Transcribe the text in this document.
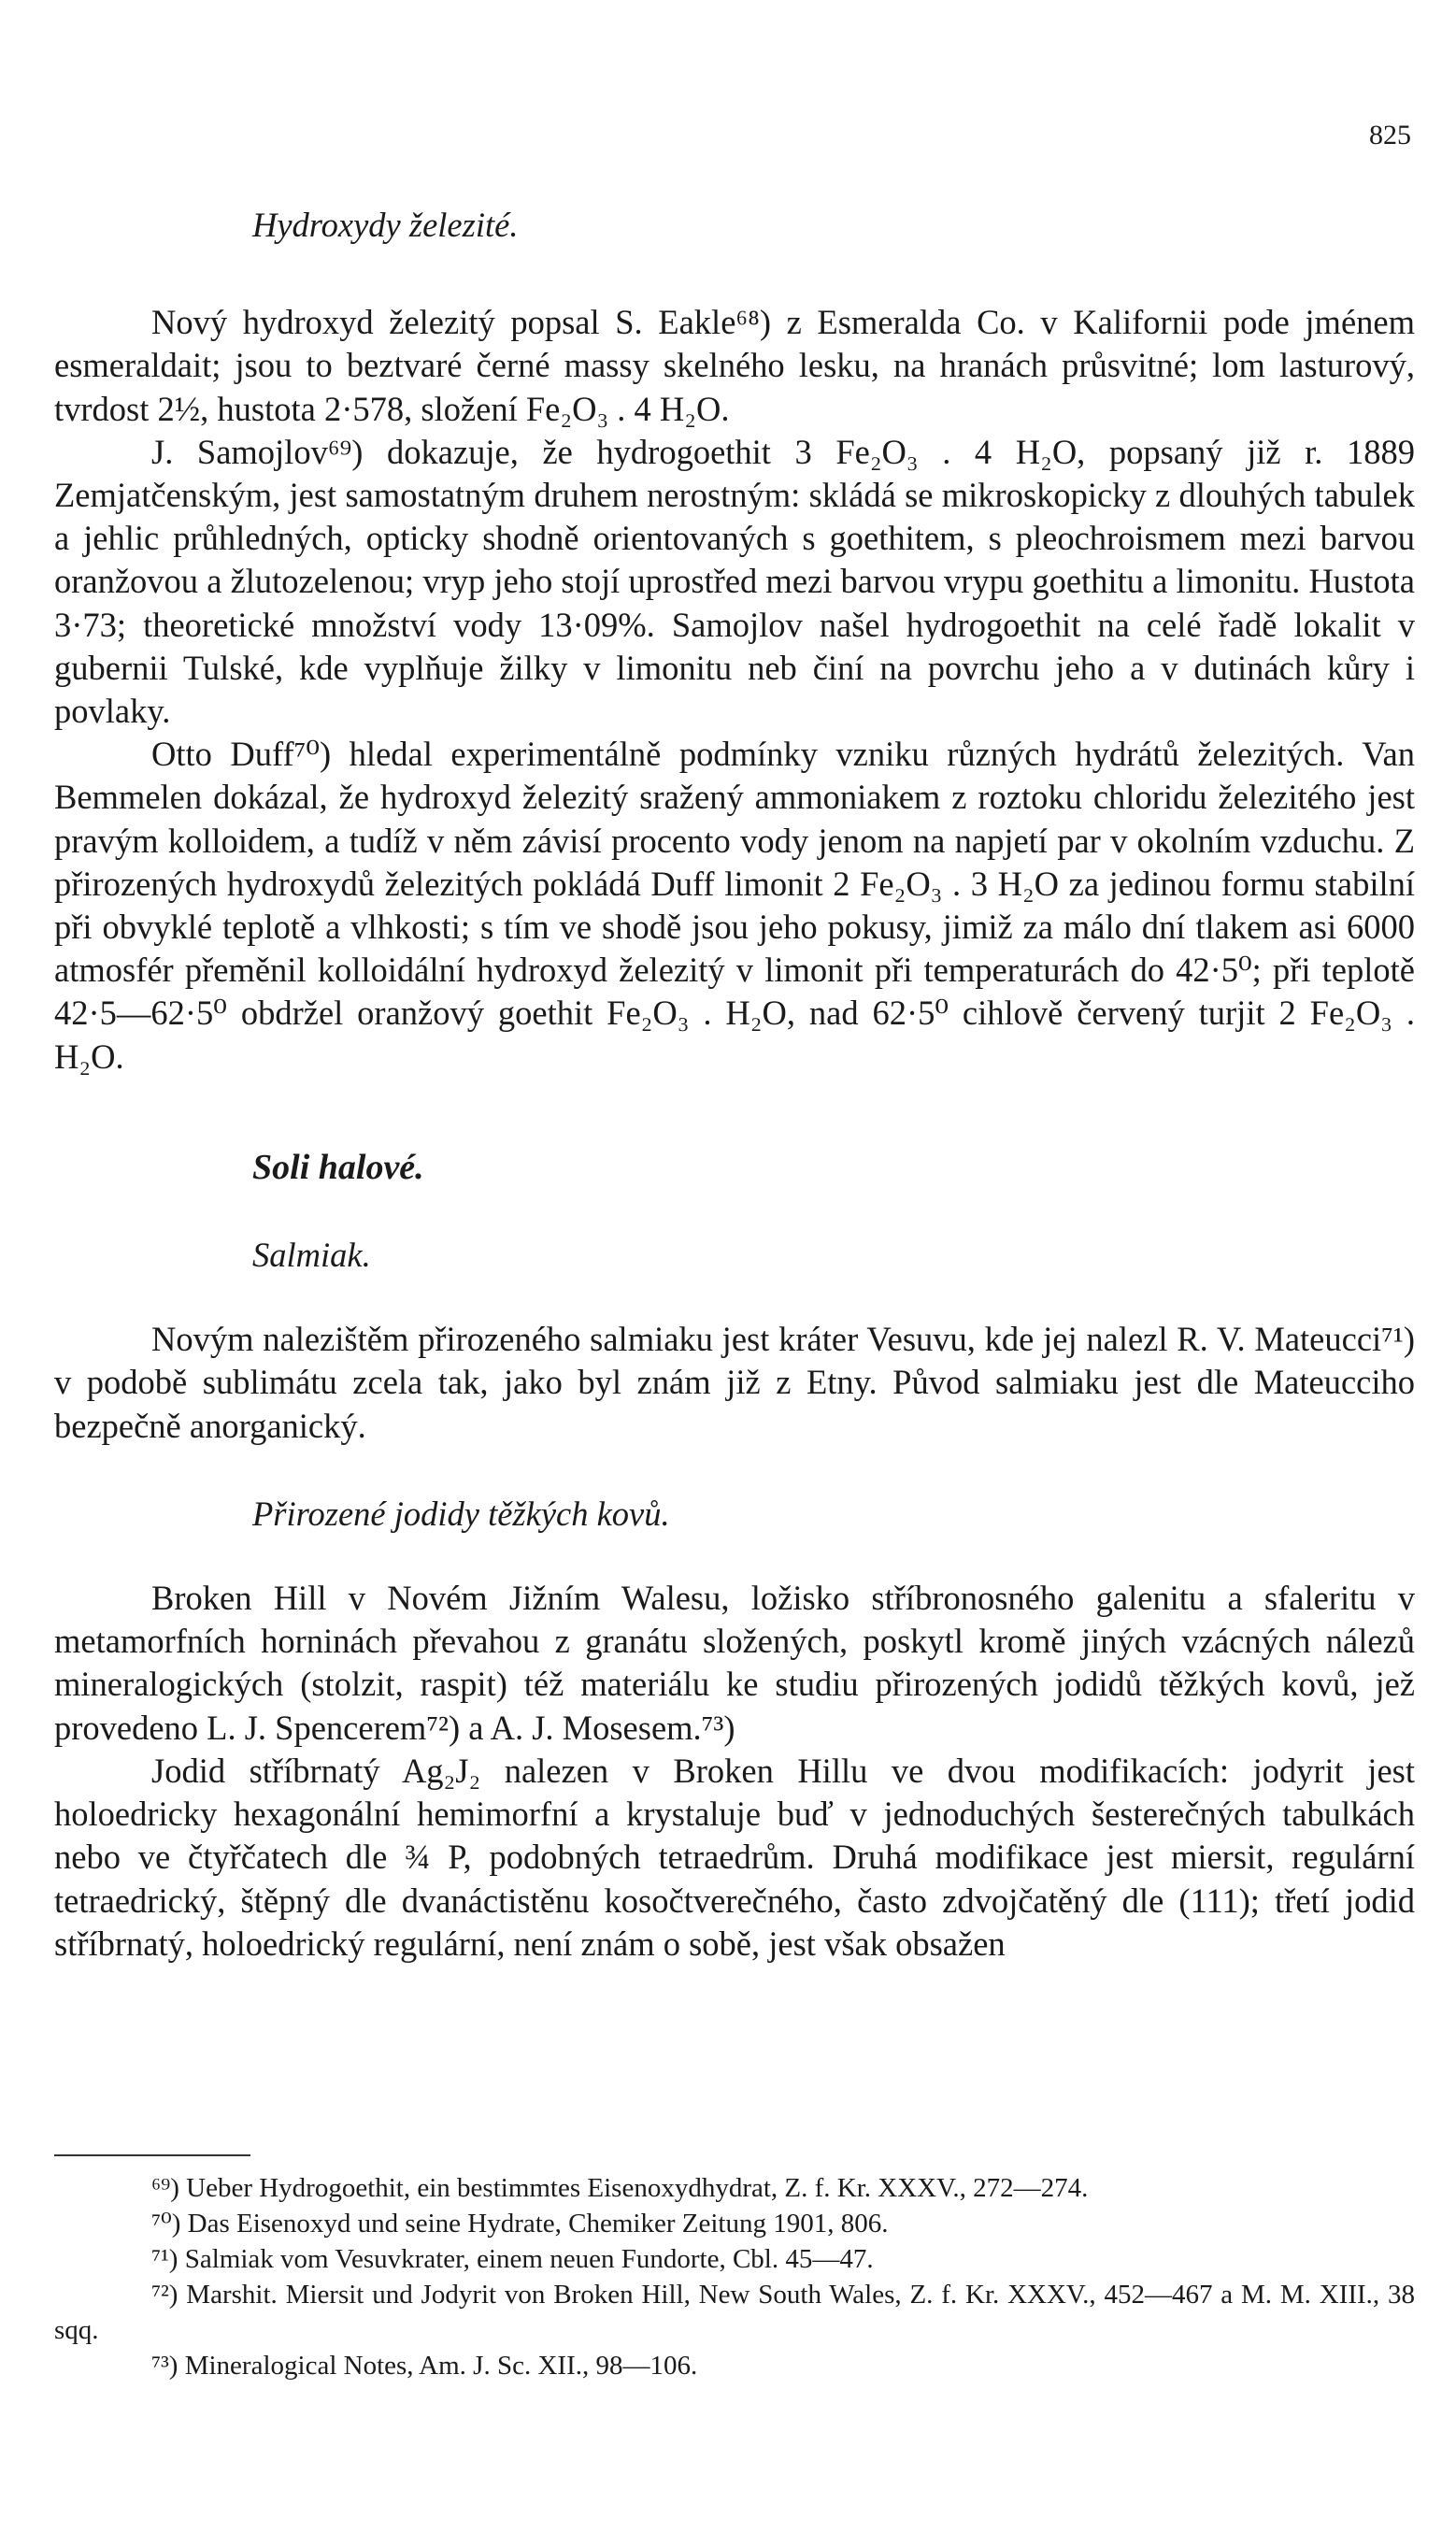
825

Hydroxydy železité.

Nový hydroxyd železitý popsal S. Eakle⁶⁸) z Esmeralda Co. v Kalifornii pode jménem esmeraldait; jsou to beztvaré černé massy skelného lesku, na hranách průsvitné; lom lasturový, tvrdost 2½, hustota 2·578, složení Fe₂O₃ . 4 H₂O.

J. Samojlov⁶⁹) dokazuje, že hydrogoethit 3 Fe₂O₃ . 4 H₂O, popsaný již r. 1889 Zemjatčenským, jest samostatným druhem nerostným: skládá se mikroskopicky z dlouhých tabulek a jehlic průhledných, opticky shodně orientovaných s goethitem, s pleochroismem mezi barvou oranžovou a žlutozelenou; vryp jeho stojí uprostřed mezi barvou vrypu goethitu a limonitu. Hustota 3·73; theoretické množství vody 13·09%. Samojlov našel hydrogoethit na celé řadě lokalit v gubernii Tulské, kde vyplňuje žilky v limonitu neb činí na povrchu jeho a v dutinách kůry i povlaky.

Otto Duff⁷⁰) hledal experimentálně podmínky vzniku různých hydrátů železitých. Van Bemmelen dokázal, že hydroxyd železitý sražený ammoniakem z roztoku chloridu železitého jest pravým kolloidem, a tudíž v něm závisí procento vody jenom na napjetí par v okolním vzduchu. Z přirozených hydroxydů železitých pokládá Duff limonit 2 Fe₂O₃ . 3 H₂O za jedinou formu stabilní při obvyklé teplotě a vlhkosti; s tím ve shodě jsou jeho pokusy, jimiž za málo dní tlakem asi 6000 atmosfér přeměnil kolloidální hydroxyd železitý v limonit při temperaturách do 42·5⁰; při teplotě 42·5—62·5⁰ obdržel oranžový goethit Fe₂O₃ . H₂O, nad 62·5⁰ cihlově červený turjit 2 Fe₂O₃ . H₂O.

Soli halové.

Salmiak.

Novým nalezištěm přirozeného salmiaku jest kráter Vesuvu, kde jej nalezl R. V. Mateucci⁷¹) v podobě sublimátu zcela tak, jako byl znám již z Etny. Původ salmiaku jest dle Mateucciho bezpečně anorganický.

Přirozené jodidy těžkých kovů.

Broken Hill v Novém Jižním Walesu, ložisko stříbronosného galenitu a sfaleritu v metamorfních horninách převahou z granátu složených, poskytl kromě jiných vzácných nálezů mineralogických (stolzit, raspit) též materiálu ke studiu přirozených jodidů těžkých kovů, jež provedeno L. J. Spencerem⁷²) a A. J. Mosesem.⁷³)

Jodid stříbrnatý Ag₂J₂ nalezen v Broken Hillu ve dvou modifikacích: jodyrit jest holoedricky hexagonální hemimorfní a krystaluje buď v jednoduchých šesterečných tabulkách nebo ve čtyřčatech dle ¾ P, podobných tetraedrům. Druhá modifikace jest miersit, regulární tetraedrický, štěpný dle dvanáctistěnu kosočtverečného, často zdvojčatěný dle (111); třetí jodid stříbrnatý, holoedrický regulární, není znám o sobě, jest však obsažen

⁶⁹) Ueber Hydrogoethit, ein bestimmtes Eisenoxydhydrat, Z. f. Kr. XXXV., 272—274.

⁷⁰) Das Eisenoxyd und seine Hydrate, Chemiker Zeitung 1901, 806.

⁷¹) Salmiak vom Vesuvkrater, einem neuen Fundorte, Cbl. 45—47.

⁷²) Marshit. Miersit und Jodyrit von Broken Hill, New South Wales, Z. f. Kr. XXXV., 452—467 a M. M. XIII., 38 sqq.

⁷³) Mineralogical Notes, Am. J. Sc. XII., 98—106.
